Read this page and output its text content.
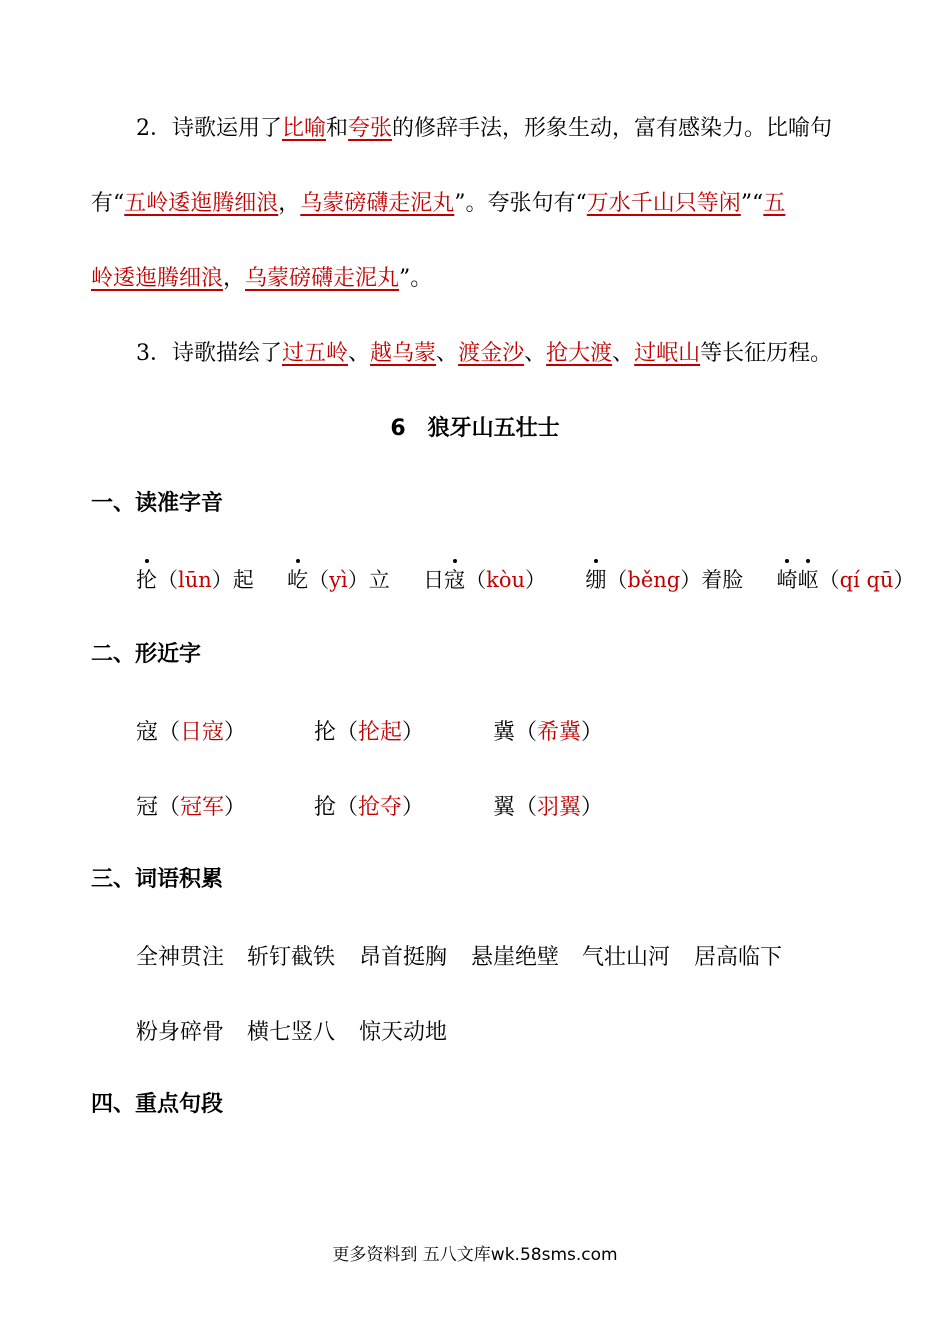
2．诗歌运用了比喻和夸张的修辞手法，形象生动，富有感染力。比喻句
有“五岭逶迤腾细浪，乌蒙磅礴走泥丸”。夸张句有“万水千山只等闲”“五
岭逶迤腾细浪，乌蒙磅礴走泥丸”。
3．诗歌描绘了过五岭、越乌蒙、渡金沙、抢大渡、过岷山等长征历程。
6　狼牙山五壮士
一、读准字音
抡（lūn）起 屹（yì）立 日寇（kòu） 绷（běng）着脸 崎岖（qí qū）
二、形近字
寇（日寇）	抡（抡起）	冀（希冀）
冠（冠军）	抢（抢夺）	翼（羽翼）
三、词语积累
全神贯注 斩钉截铁 昂首挺胸 悬崖绝壁 气壮山河 居高临下
粉身碎骨 横七竖八 惊天动地
四、重点句段
更多资料到 五八文库wk.58sms.com
